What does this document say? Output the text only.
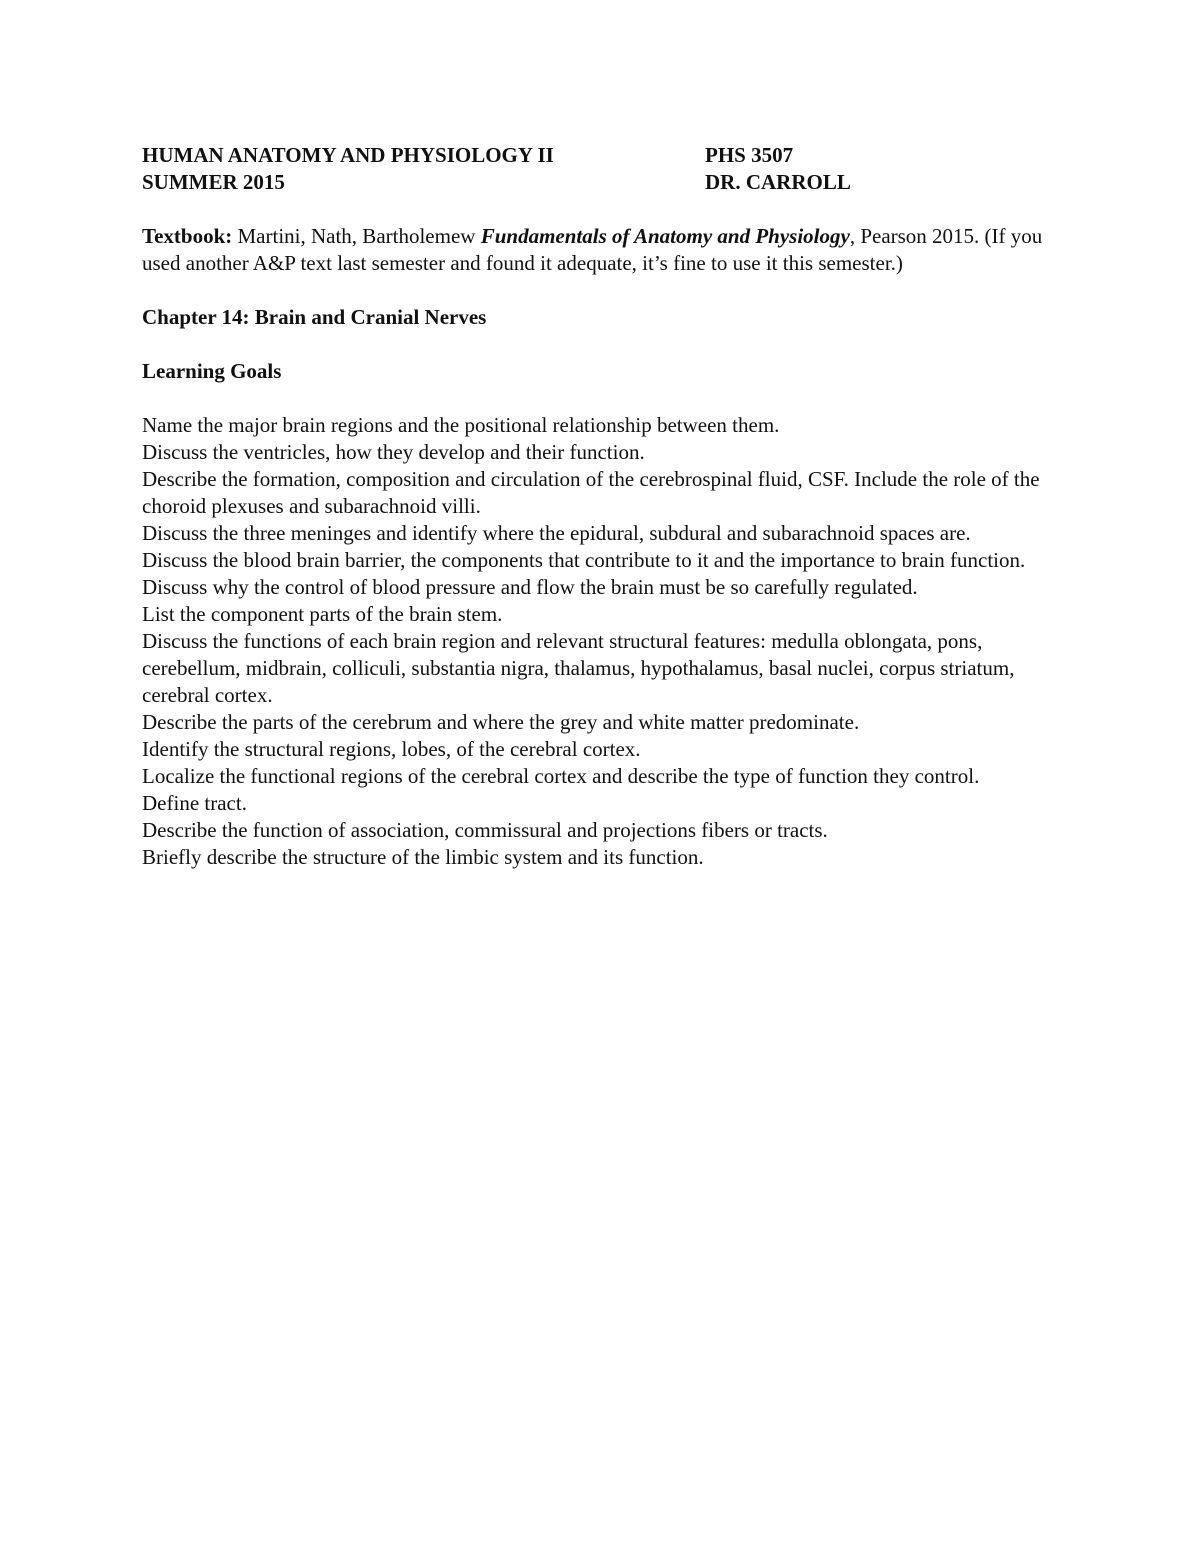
HUMAN ANATOMY AND PHYSIOLOGY II	PHS 3507
SUMMER 2015	DR. CARROLL

Textbook: Martini, Nath, Bartholemew Fundamentals of Anatomy and Physiology, Pearson 2015. (If you used another A&P text last semester and found it adequate, it’s fine to use it this semester.)

Chapter 14: Brain and Cranial Nerves

Learning Goals

Name the major brain regions and the positional relationship between them.

Discuss the ventricles, how they develop and their function.

Describe the formation, composition and circulation of the cerebrospinal fluid, CSF. Include the role of the choroid plexuses and subarachnoid villi.

Discuss the three meninges and identify where the epidural, subdural and subarachnoid spaces are.

Discuss the blood brain barrier, the components that contribute to it and the importance to brain function.

Discuss why the control of blood pressure and flow the brain must be so carefully regulated.

List the component parts of the brain stem.

Discuss the functions of each brain region and relevant structural features: medulla oblongata, pons, cerebellum, midbrain, colliculi, substantia nigra, thalamus, hypothalamus, basal nuclei, corpus striatum, cerebral cortex.

Describe the parts of the cerebrum and where the grey and white matter predominate.

Identify the structural regions, lobes, of the cerebral cortex.

Localize the functional regions of the cerebral cortex and describe the type of function they control.

Define tract.

Describe the function of association, commissural and projections fibers or tracts.

Briefly describe the structure of the limbic system and its function.
